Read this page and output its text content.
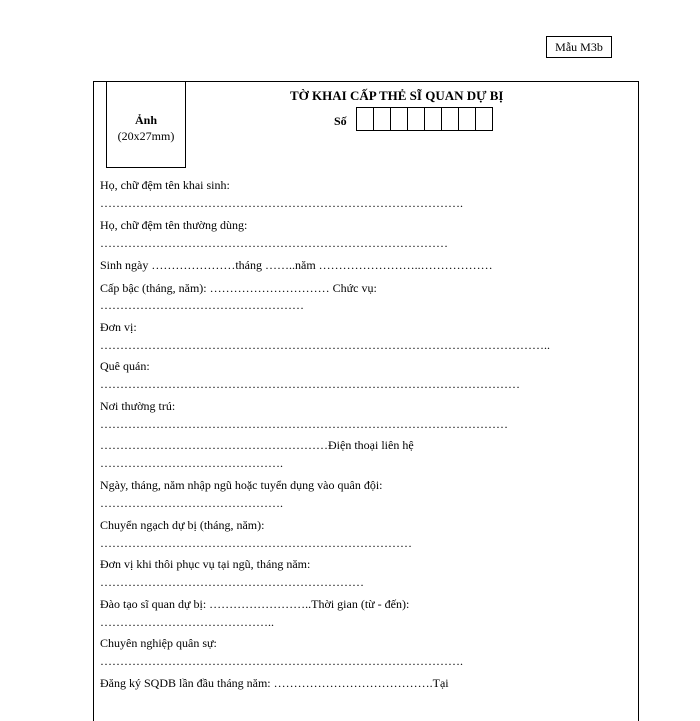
Mẫu M3b
Ảnh
(20x27mm)
TỜ KHAI CẤP THẺ SĨ QUAN DỰ BỊ
Số
Họ, chữ đệm tên khai sinh:
……………………………………………………………………………….
Họ, chữ đệm tên thường dùng:
……………………………………………………………………………
Sinh ngày …………………tháng ……..năm ……………………..………………
Cấp bậc (tháng, năm): ………………………… Chức vụ:
……………………………………………
Đơn vị:
…………………………………………………………………………………………………..
Quê quán:
……………………………………………………………………………………………
Nơi thường trú:
…………………………………………………………………………………………
…………………………………………………Điện thoại liên hệ
……………………………………….
Ngày, tháng, năm nhập ngũ hoặc tuyển dụng vào quân đội:
……………………………………….
Chuyển ngạch dự bị (tháng, năm):
……………………………………………………………………
Đơn vị khi thôi phục vụ tại ngũ, tháng năm:
…………………………………………………………
Đào tạo sĩ quan dự bị: ……………………..Thời gian (từ - đến):
……………………………………..
Chuyên nghiệp quân sự:
……………………………………………………………………………….
Đăng ký SQDB lần đầu tháng năm: ………………………………….Tại
